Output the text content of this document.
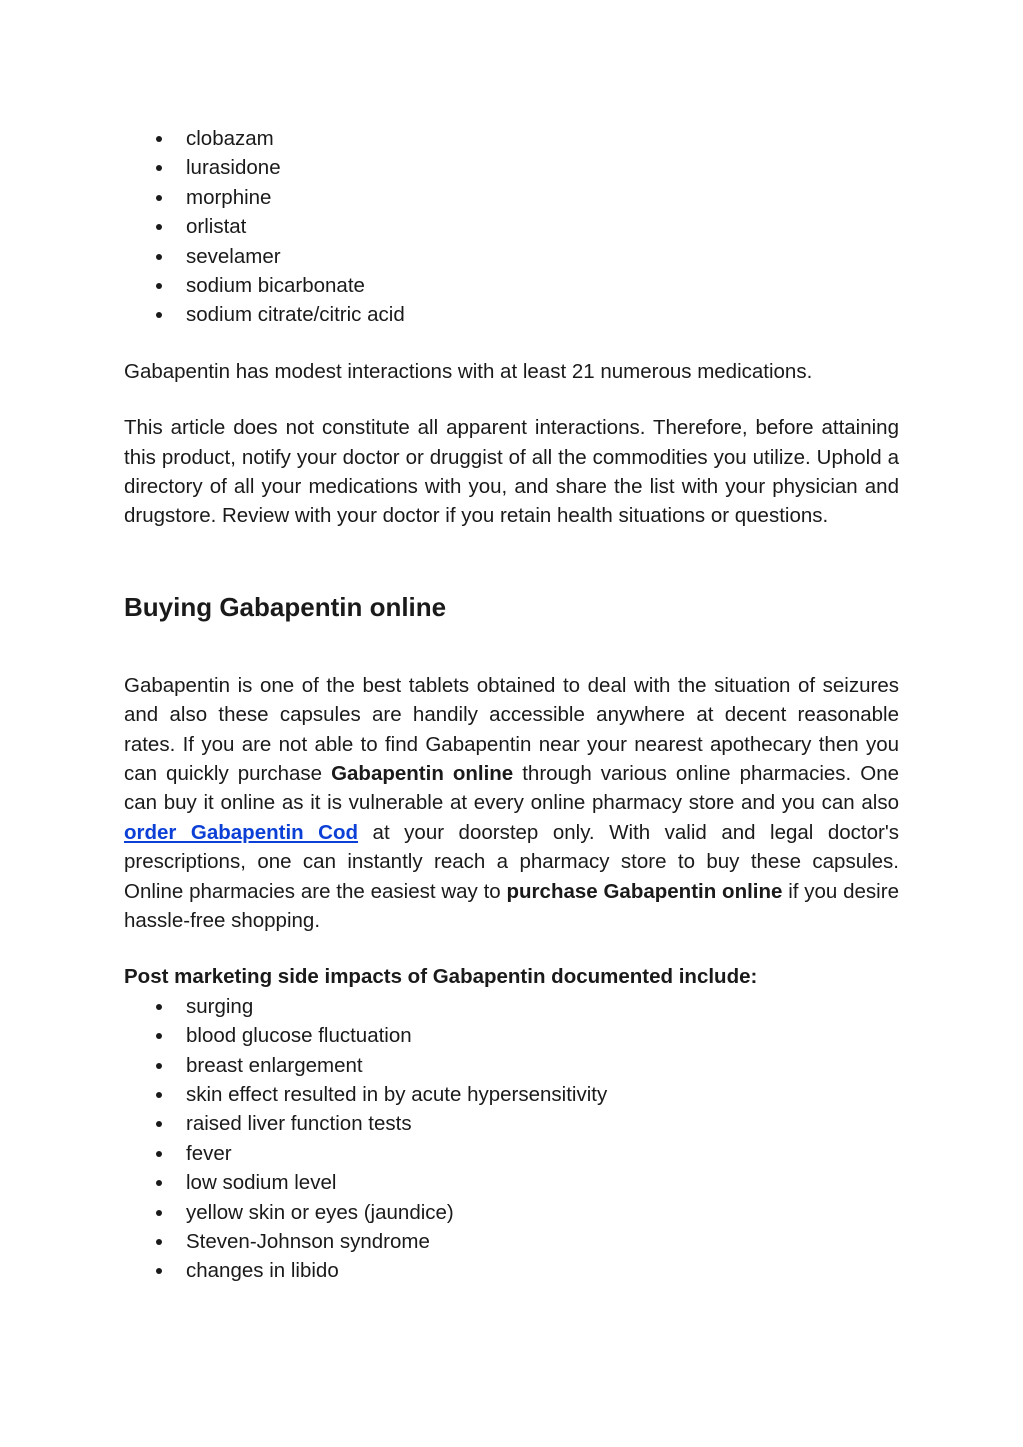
clobazam
lurasidone
morphine
orlistat
sevelamer
sodium bicarbonate
sodium citrate/citric acid

Gabapentin has modest interactions with at least 21 numerous medications.

This article does not constitute all apparent interactions. Therefore, before attaining this product, notify your doctor or druggist of all the commodities you utilize. Uphold a directory of all your medications with you, and share the list with your physician and drugstore. Review with your doctor if you retain health situations or questions.

Buying Gabapentin online

Gabapentin is one of the best tablets obtained to deal with the situation of seizures and also these capsules are handily accessible anywhere at decent reasonable rates. If you are not able to find Gabapentin near your nearest apothecary then you can quickly purchase Gabapentin online through various online pharmacies. One can buy it online as it is vulnerable at every online pharmacy store and you can also order Gabapentin Cod at your doorstep only. With valid and legal doctor's prescriptions, one can instantly reach a pharmacy store to buy these capsules. Online pharmacies are the easiest way to purchase Gabapentin online if you desire hassle-free shopping.

Post marketing side impacts of Gabapentin documented include:

surging
blood glucose fluctuation
breast enlargement
skin effect resulted in by acute hypersensitivity
raised liver function tests
fever
low sodium level
yellow skin or eyes (jaundice)
Steven-Johnson syndrome
changes in libido
